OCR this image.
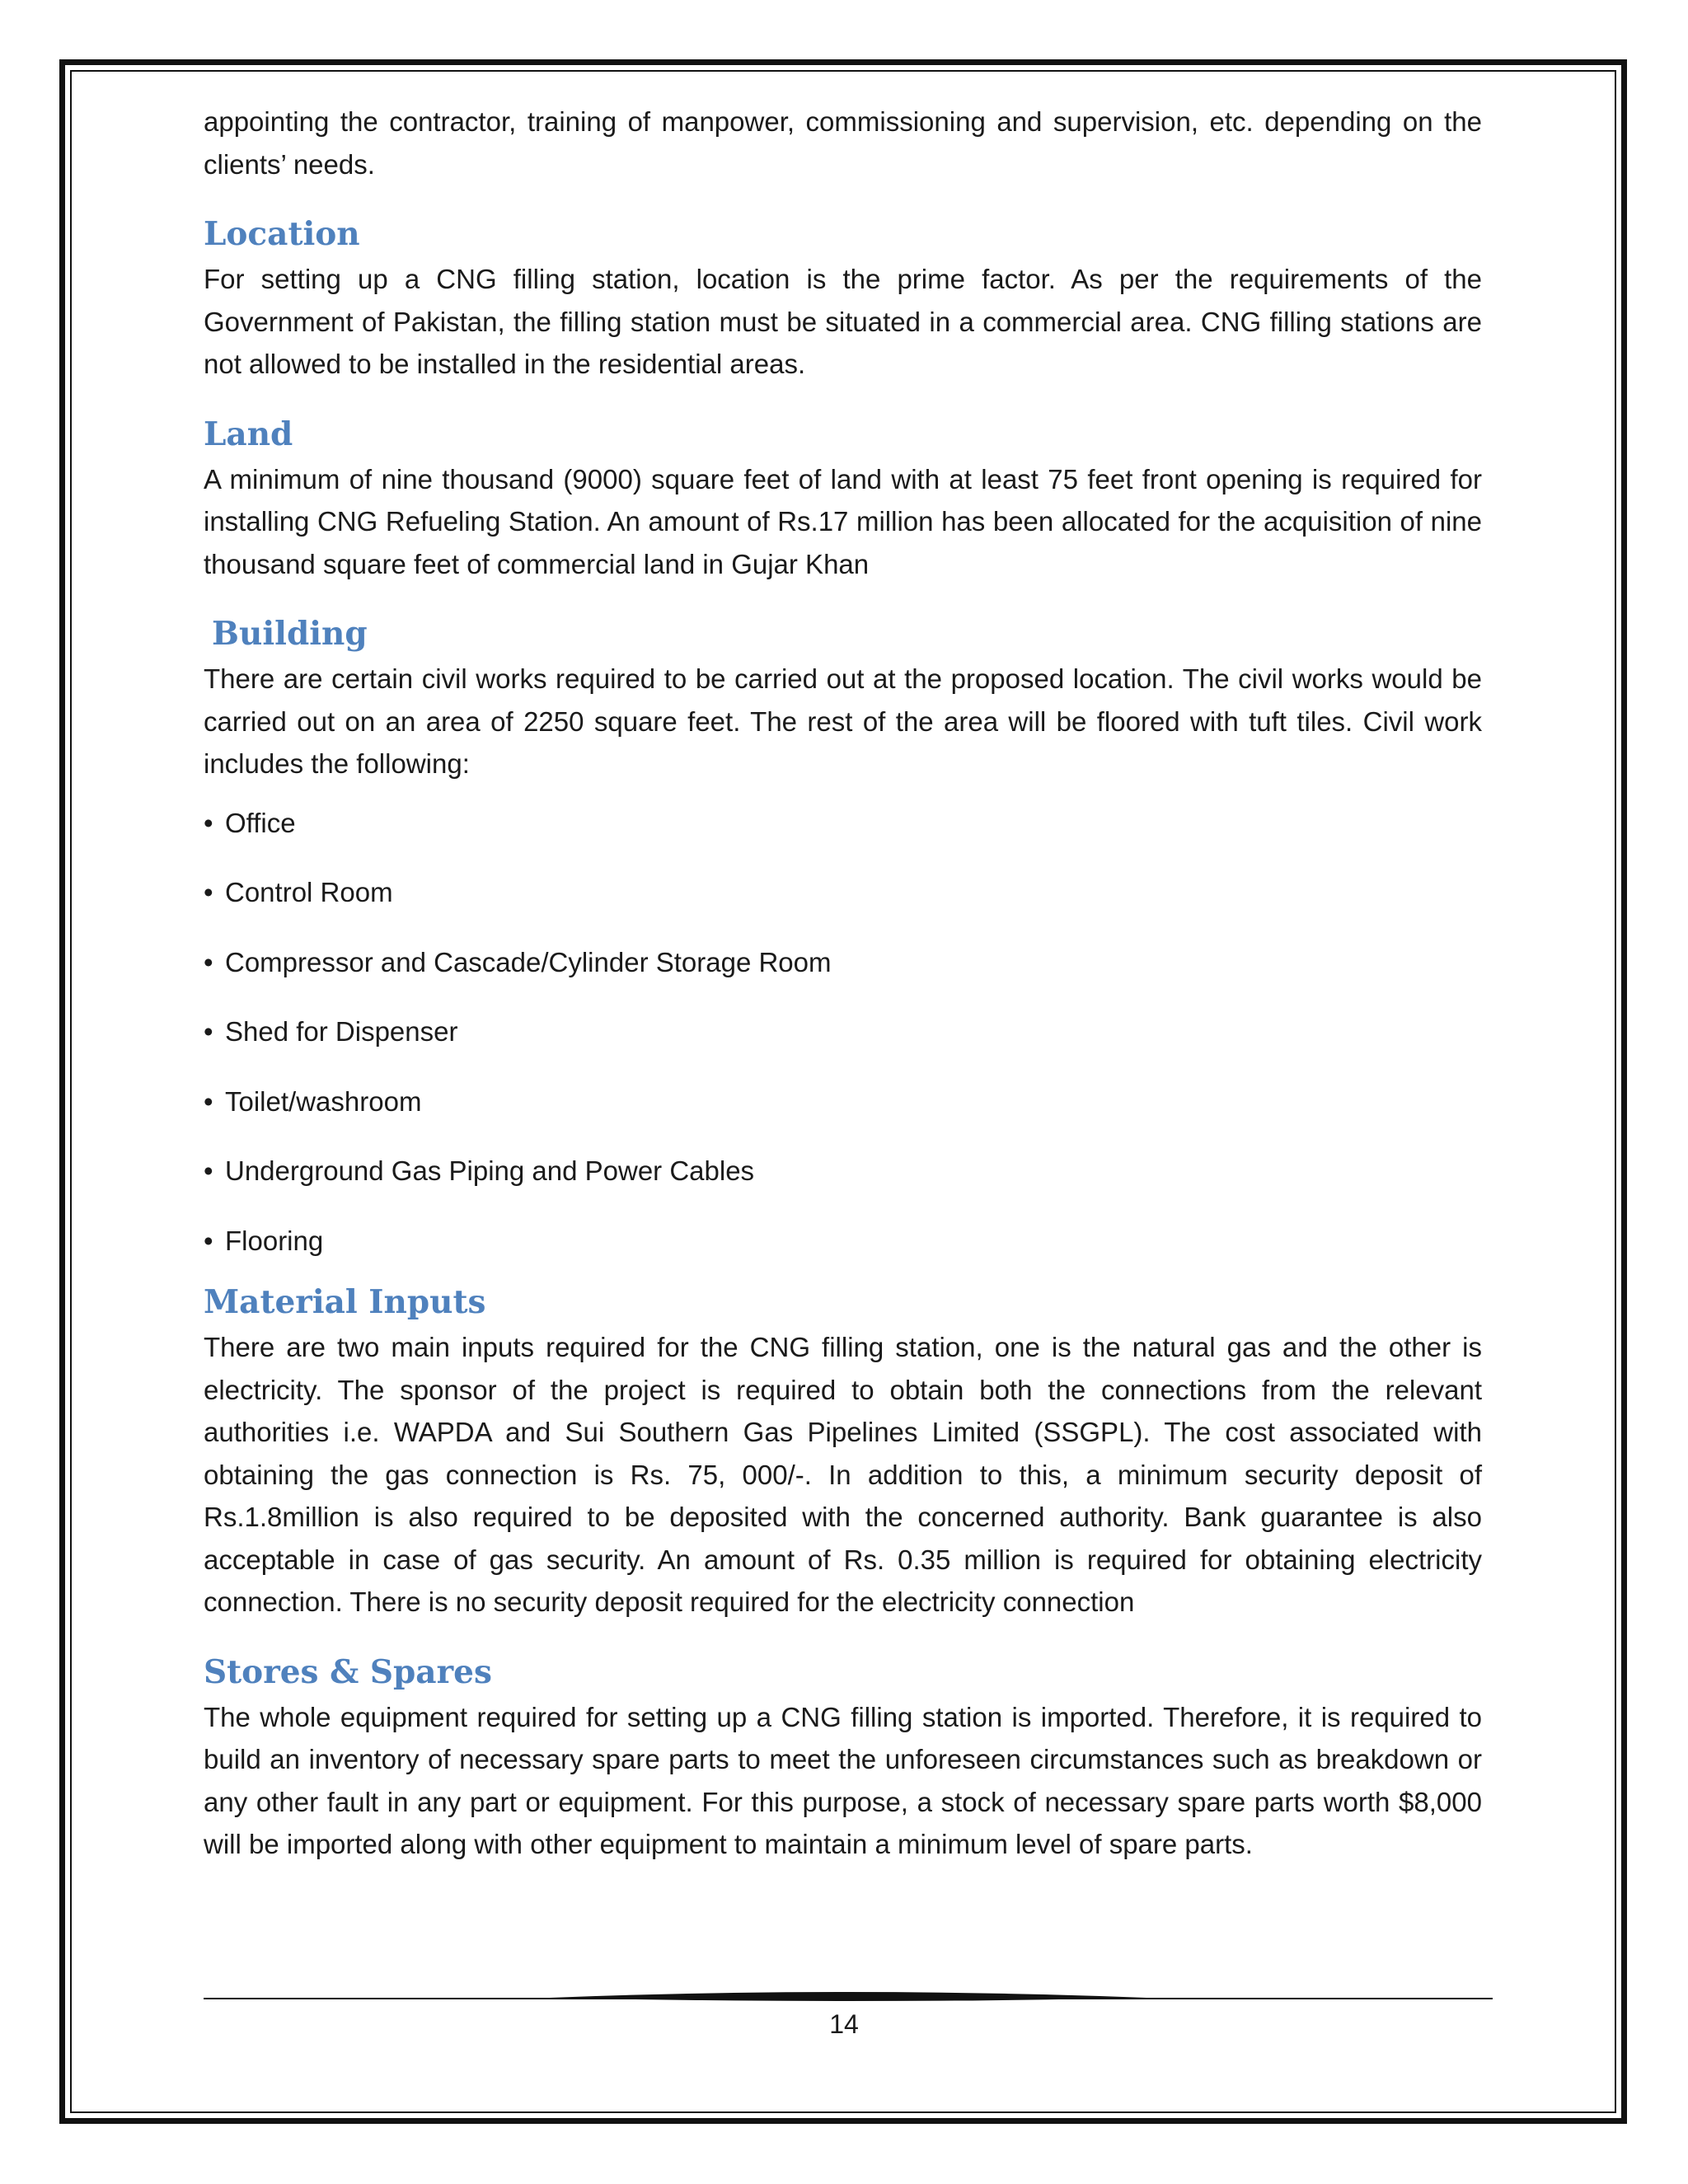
appointing the contractor, training of manpower, commissioning and supervision, etc. depending on the clients’ needs.

Location

For setting up a CNG filling station, location is the prime factor. As per the requirements of the Government of Pakistan, the filling station must be situated in a commercial area. CNG filling stations are not allowed to be installed in the residential areas.

Land

A minimum of nine thousand (9000) square feet of land with at least 75 feet front opening is required for installing CNG Refueling Station. An amount of Rs.17 million has been allocated for the acquisition of nine thousand square feet of commercial land in Gujar Khan

Building

There are certain civil works required to be carried out at the proposed location. The civil works would be carried out on an area of 2250 square feet. The rest of the area will be floored with tuft tiles. Civil work includes the following:

• Office
• Control Room
• Compressor and Cascade/Cylinder Storage Room
• Shed for Dispenser
• Toilet/washroom
• Underground Gas Piping and Power Cables
• Flooring
Material Inputs

There are two main inputs required for the CNG filling station, one is the natural gas and the other is electricity. The sponsor of the project is required to obtain both the connections from the relevant authorities i.e. WAPDA and Sui Southern Gas Pipelines Limited (SSGPL). The cost associated with obtaining the gas connection is Rs. 75, 000/-. In addition to this, a minimum security deposit of Rs.1.8million is also required to be deposited with the concerned authority. Bank guarantee is also acceptable in case of gas security. An amount of Rs. 0.35 million is required for obtaining electricity connection. There is no security deposit required for the electricity connection

Stores & Spares

The whole equipment required for setting up a CNG filling station is imported. Therefore, it is required to build an inventory of necessary spare parts to meet the unforeseen circumstances such as breakdown or any other fault in any part or equipment. For this purpose, a stock of necessary spare parts worth $8,000 will be imported along with other equipment to maintain a minimum level of spare parts.

14
